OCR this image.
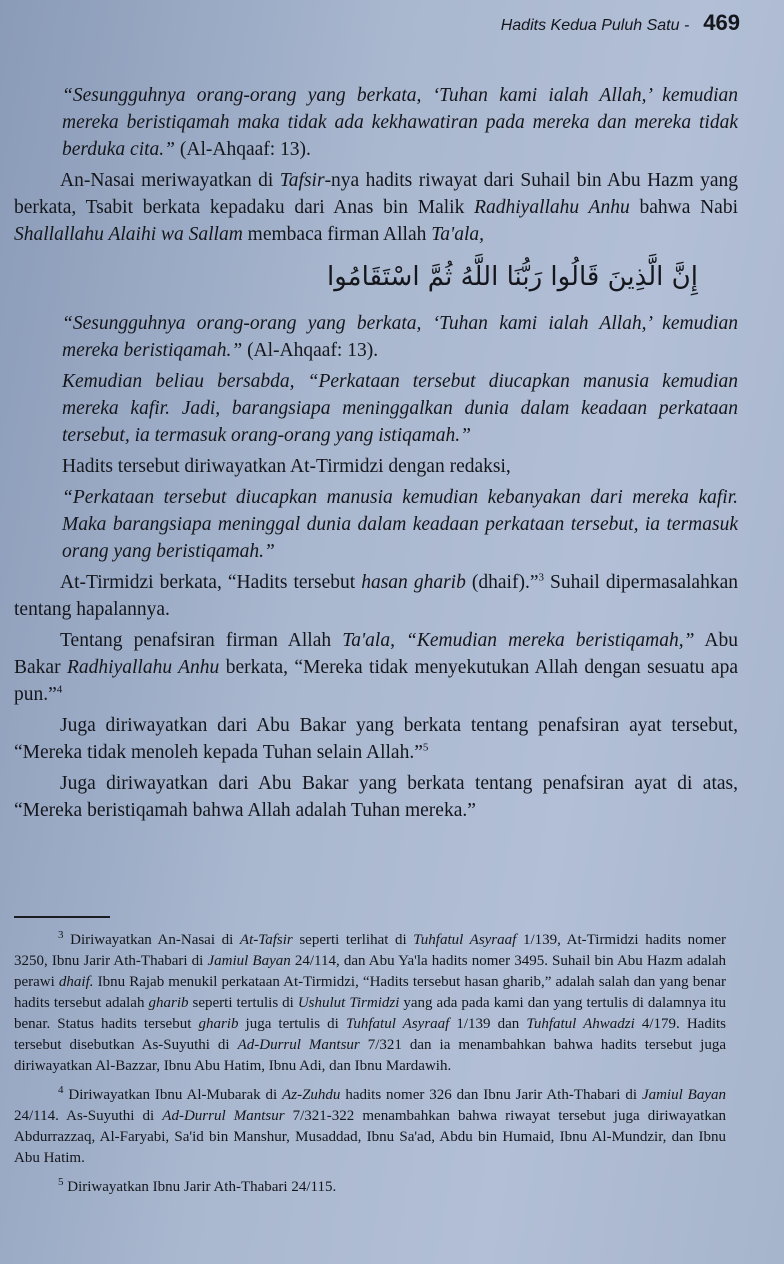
Hadits Kedua Puluh Satu - 469

“Sesungguhnya orang-orang yang berkata, ‘Tuhan kami ialah Allah,’ kemudian mereka beristiqamah maka tidak ada kekhawatiran pada mereka dan mereka tidak berduka cita.” (Al-Ahqaaf: 13).

An-Nasai meriwayatkan di Tafsir-nya hadits riwayat dari Suhail bin Abu Hazm yang berkata, Tsabit berkata kepadaku dari Anas bin Malik Radhiyallahu Anhu bahwa Nabi Shallallahu Alaihi wa Sallam membaca firman Allah Ta'ala,

إِنَّ الَّذِينَ قَالُوا رَبُّنَا اللَّهُ ثُمَّ اسْتَقَامُوا

“Sesungguhnya orang-orang yang berkata, ‘Tuhan kami ialah Allah,’ kemudian mereka beristiqamah.” (Al-Ahqaaf: 13).

Kemudian beliau bersabda, “Perkataan tersebut diucapkan manusia kemudian mereka kafir. Jadi, barangsiapa meninggalkan dunia dalam keadaan perkataan tersebut, ia termasuk orang-orang yang istiqamah.”

Hadits tersebut diriwayatkan At-Tirmidzi dengan redaksi,

“Perkataan tersebut diucapkan manusia kemudian kebanyakan dari mereka kafir. Maka barangsiapa meninggal dunia dalam keadaan perkataan tersebut, ia termasuk orang yang beristiqamah.”

At-Tirmidzi berkata, “Hadits tersebut hasan gharib (dhaif).”$^3$ Suhail dipermasalahkan tentang hapalannya.

Tentang penafsiran firman Allah Ta'ala, “Kemudian mereka beristiqamah,” Abu Bakar Radhiyallahu Anhu berkata, “Mereka tidak menyekutukan Allah dengan sesuatu apa pun.”$^4$

Juga diriwayatkan dari Abu Bakar yang berkata tentang penafsiran ayat tersebut, “Mereka tidak menoleh kepada Tuhan selain Allah.”$^5$

Juga diriwayatkan dari Abu Bakar yang berkata tentang penafsiran ayat di atas, “Mereka beristiqamah bahwa Allah adalah Tuhan mereka.”

$^3$ Diriwayatkan An-Nasai di At-Tafsir seperti terlihat di Tuhfatul Asyraaf 1/139, At-Tirmidzi hadits nomer 3250, Ibnu Jarir Ath-Thabari di Jamiul Bayan 24/114, dan Abu Ya'la hadits nomer 3495. Suhail bin Abu Hazm adalah perawi dhaif. Ibnu Rajab menukil perkataan At-Tirmidzi, “Hadits tersebut hasan gharib,” adalah salah dan yang benar hadits tersebut adalah gharib seperti tertulis di Ushulut Tirmidzi yang ada pada kami dan yang tertulis di dalamnya itu benar. Status hadits tersebut gharib juga tertulis di Tuhfatul Asyraaf 1/139 dan Tuhfatul Ahwadzi 4/179. Hadits tersebut disebutkan As-Suyuthi di Ad-Durrul Mantsur 7/321 dan ia menambahkan bahwa hadits tersebut juga diriwayatkan Al-Bazzar, Ibnu Abu Hatim, Ibnu Adi, dan Ibnu Mardawih.

$^4$ Diriwayatkan Ibnu Al-Mubarak di Az-Zuhdu hadits nomer 326 dan Ibnu Jarir Ath-Thabari di Jamiul Bayan 24/114. As-Suyuthi di Ad-Durrul Mantsur 7/321-322 menambahkan bahwa riwayat tersebut juga diriwayatkan Abdurrazzaq, Al-Faryabi, Sa'id bin Manshur, Musaddad, Ibnu Sa'ad, Abdu bin Humaid, Ibnu Al-Mundzir, dan Ibnu Abu Hatim.

$^5$ Diriwayatkan Ibnu Jarir Ath-Thabari 24/115.
